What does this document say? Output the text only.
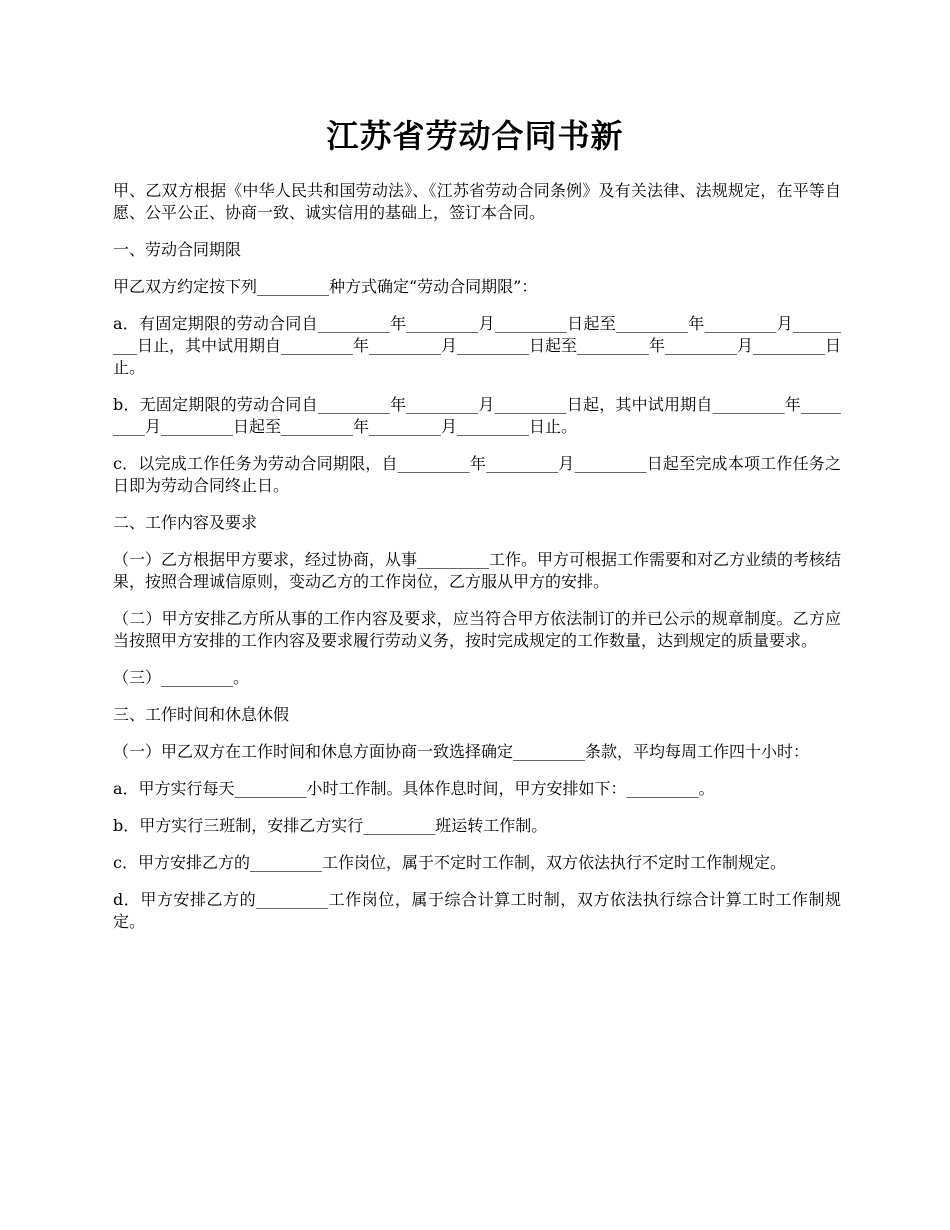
江苏省劳动合同书新

甲、乙双方根据《中华人民共和国劳动法》、《江苏省劳动合同条例》及有关法律、法规规定，在平等自愿、公平公正、协商一致、诚实信用的基础上，签订本合同。

一、劳动合同期限

甲乙双方约定按下列_________种方式确定“劳动合同期限”：

a．有固定期限的劳动合同自_________年_________月_________日起至_________年_________月_________日止，其中试用期自_________年_________月_________日起至_________年_________月_________日止。

b．无固定期限的劳动合同自_________年_________月_________日起，其中试用期自_________年_________月_________日起至_________年_________月_________日止。

c．以完成工作任务为劳动合同期限，自_________年_________月_________日起至完成本项工作任务之日即为劳动合同终止日。

二、工作内容及要求

（一）乙方根据甲方要求，经过协商，从事_________工作。甲方可根据工作需要和对乙方业绩的考核结果，按照合理诚信原则，变动乙方的工作岗位，乙方服从甲方的安排。

（二）甲方安排乙方所从事的工作内容及要求，应当符合甲方依法制订的并已公示的规章制度。乙方应当按照甲方安排的工作内容及要求履行劳动义务，按时完成规定的工作数量，达到规定的质量要求。

（三）_________。

三、工作时间和休息休假

（一）甲乙双方在工作时间和休息方面协商一致选择确定_________条款，平均每周工作四十小时：

a．甲方实行每天_________小时工作制。具体作息时间，甲方安排如下：_________。

b．甲方实行三班制，安排乙方实行_________班运转工作制。

c．甲方安排乙方的_________工作岗位，属于不定时工作制，双方依法执行不定时工作制规定。

d．甲方安排乙方的_________工作岗位，属于综合计算工时制，双方依法执行综合计算工时工作制规定。
